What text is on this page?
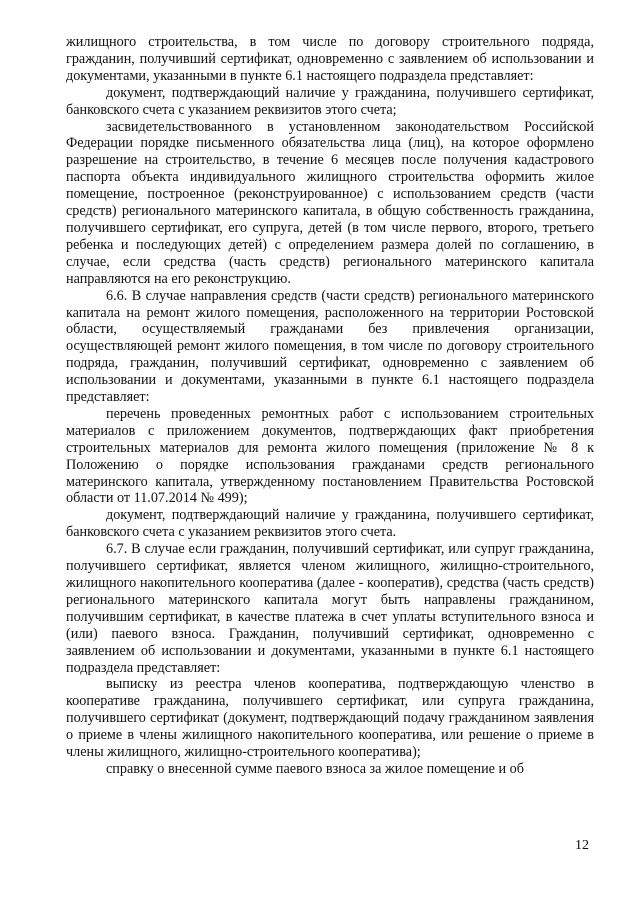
жилищного строительства, в том числе по договору строительного подряда, гражданин, получивший сертификат, одновременно с заявлением об использовании и документами, указанными в пункте 6.1 настоящего подраздела представляет:

документ, подтверждающий наличие у гражданина, получившего сертификат, банковского счета с указанием реквизитов этого счета;

засвидетельствованного в установленном законодательством Российской Федерации порядке письменного обязательства лица (лиц), на которое оформлено разрешение на строительство, в течение 6 месяцев после получения кадастрового паспорта объекта индивидуального жилищного строительства оформить жилое помещение, построенное (реконструированное) с использованием средств (части средств) регионального материнского капитала, в общую собственность гражданина, получившего сертификат, его супруга, детей (в том числе первого, второго, третьего ребенка и последующих детей) с определением размера долей по соглашению, в случае, если средства (часть средств) регионального материнского капитала направляются на его реконструкцию.

6.6. В случае направления средств (части средств) регионального материнского капитала на ремонт жилого помещения, расположенного на территории Ростовской области, осуществляемый гражданами без привлечения организации, осуществляющей ремонт жилого помещения, в том числе по договору строительного подряда, гражданин, получивший сертификат, одновременно с заявлением об использовании и документами, указанными в пункте 6.1 настоящего подраздела представляет:

перечень проведенных ремонтных работ с использованием строительных материалов с приложением документов, подтверждающих факт приобретения строительных материалов для ремонта жилого помещения (приложение № 8 к Положению о порядке использования гражданами средств регионального материнского капитала, утвержденному постановлением Правительства Ростовской области от 11.07.2014 № 499);

документ, подтверждающий наличие у гражданина, получившего сертификат, банковского счета с указанием реквизитов этого счета.

6.7. В случае если гражданин, получивший сертификат, или супруг гражданина, получившего сертификат, является членом жилищного, жилищно-строительного, жилищного накопительного кооператива (далее - кооператив), средства (часть средств) регионального материнского капитала могут быть направлены гражданином, получившим сертификат, в качестве платежа в счет уплаты вступительного взноса и (или) паевого взноса. Гражданин, получивший сертификат, одновременно с заявлением об использовании и документами, указанными в пункте 6.1 настоящего подраздела представляет:

выписку из реестра членов кооператива, подтверждающую членство в кооперативе гражданина, получившего сертификат, или супруга гражданина, получившего сертификат (документ, подтверждающий подачу гражданином заявления о приеме в члены жилищного накопительного кооператива, или решение о приеме в члены жилищного, жилищно-строительного кооператива);

справку о внесенной сумме паевого взноса за жилое помещение и об

12
